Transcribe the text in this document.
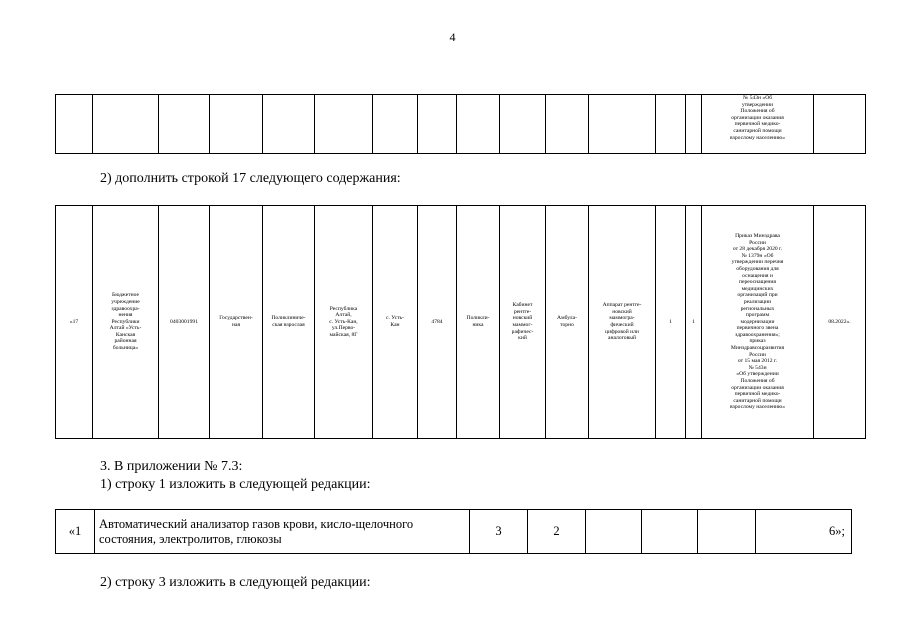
4
														№ 543н «Об
утверждении
Положения об
организации оказания
первичной медико-
санитарной помощи
взрослому населению»	
2) дополнить строкой 17 следующего содержания:
«17	Бюджетное
учреждение
здравоохра-
нения
Республики
Алтай «Усть-
Канская
районная
больница»	0403001991	Государствен-
ная	Поликлиниче-
ская взрослая	Республика
Алтай,
с. Усть-Кан,
ул.Перво-
майская, 8Г	с. Усть-
Кан	4784	Поликли-
ника	Кабинет
рентге-
новский
маммог-
рафичес-
кий	Амбула-
торно	Аппарат рентге-
новский
маммогра-
фический
цифровой или
аналоговый	1	1	Приказ Минздрава
России
от 28 декабря 2020 г.
№ 1379н «Об
утверждении перечня
оборудования для
оснащения и
переоснащения
медицинских
организаций при
реализации
региональных
программ
модернизации
первичного звена
здравоохранения»;
приказ
Минздравсоцразвития
России
от 15 мая 2012 г.
№ 543н
«Об утверждении
Положения об
организации оказания
первичной медико-
санитарной помощи
взрослому населению»	08.2022».
3. В приложении № 7.3:
1) строку 1 изложить в следующей редакции:
«1	Автоматический анализатор газов крови, кисло-щелочного
состояния, электролитов, глюкозы	3	2				6»;
2) строку 3 изложить в следующей редакции:
